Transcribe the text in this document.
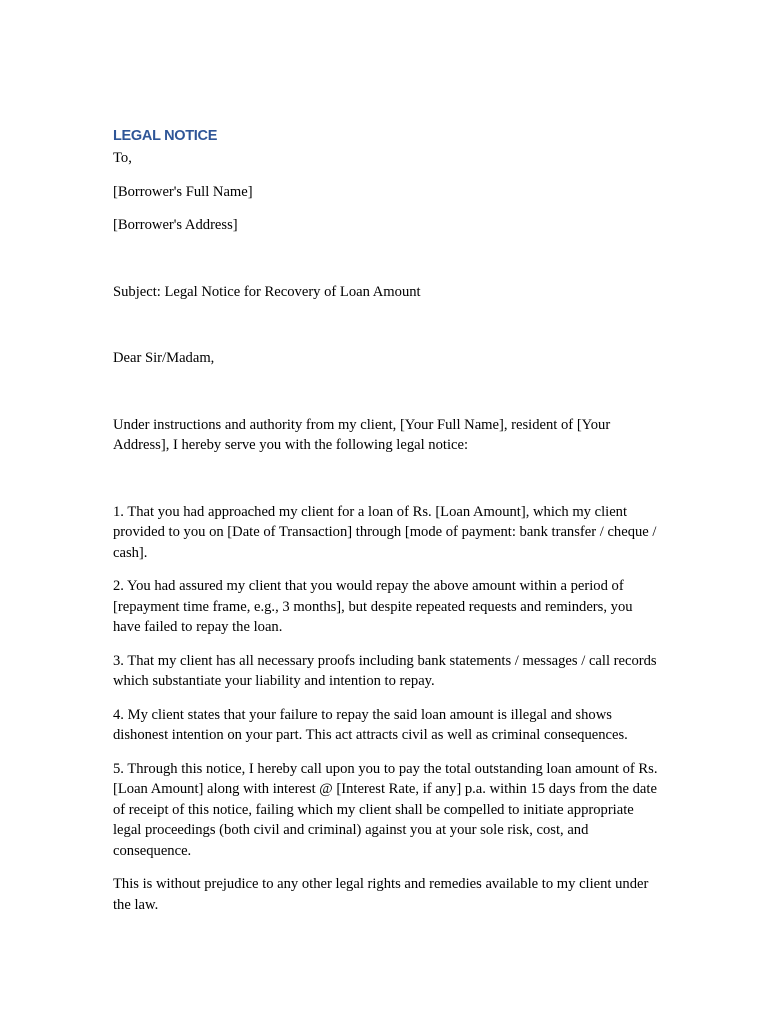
LEGAL NOTICE

To,

[Borrower's Full Name]

[Borrower's Address]

Subject: Legal Notice for Recovery of Loan Amount

Dear Sir/Madam,

Under instructions and authority from my client, [Your Full Name], resident of [Your Address], I hereby serve you with the following legal notice:

1. That you had approached my client for a loan of Rs. [Loan Amount], which my client provided to you on [Date of Transaction] through [mode of payment: bank transfer / cheque / cash].

2. You had assured my client that you would repay the above amount within a period of [repayment time frame, e.g., 3 months], but despite repeated requests and reminders, you have failed to repay the loan.

3. That my client has all necessary proofs including bank statements / messages / call records which substantiate your liability and intention to repay.

4. My client states that your failure to repay the said loan amount is illegal and shows dishonest intention on your part. This act attracts civil as well as criminal consequences.

5. Through this notice, I hereby call upon you to pay the total outstanding loan amount of Rs. [Loan Amount] along with interest @ [Interest Rate, if any] p.a. within 15 days from the date of receipt of this notice, failing which my client shall be compelled to initiate appropriate legal proceedings (both civil and criminal) against you at your sole risk, cost, and consequence.

This is without prejudice to any other legal rights and remedies available to my client under the law.
